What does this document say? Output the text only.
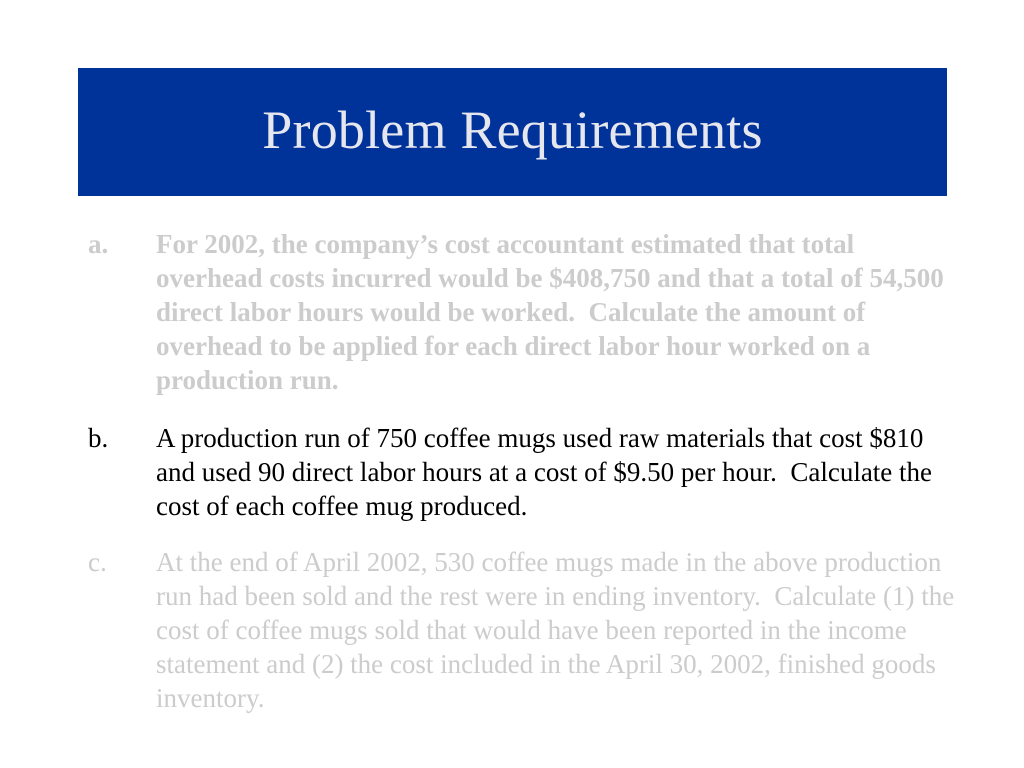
Problem Requirements
a. For 2002, the company’s cost accountant estimated that total overhead costs incurred would be $408,750 and that a total of 54,500 direct labor hours would be worked.  Calculate the amount of overhead to be applied for each direct labor hour worked on a production run.
b. A production run of 750 coffee mugs used raw materials that cost $810 and used 90 direct labor hours at a cost of $9.50 per hour.  Calculate the cost of each coffee mug produced.
c. At the end of April 2002, 530 coffee mugs made in the above production run had been sold and the rest were in ending inventory.  Calculate (1) the cost of coffee mugs sold that would have been reported in the income statement and (2) the cost included in the April 30, 2002, finished goods inventory.
